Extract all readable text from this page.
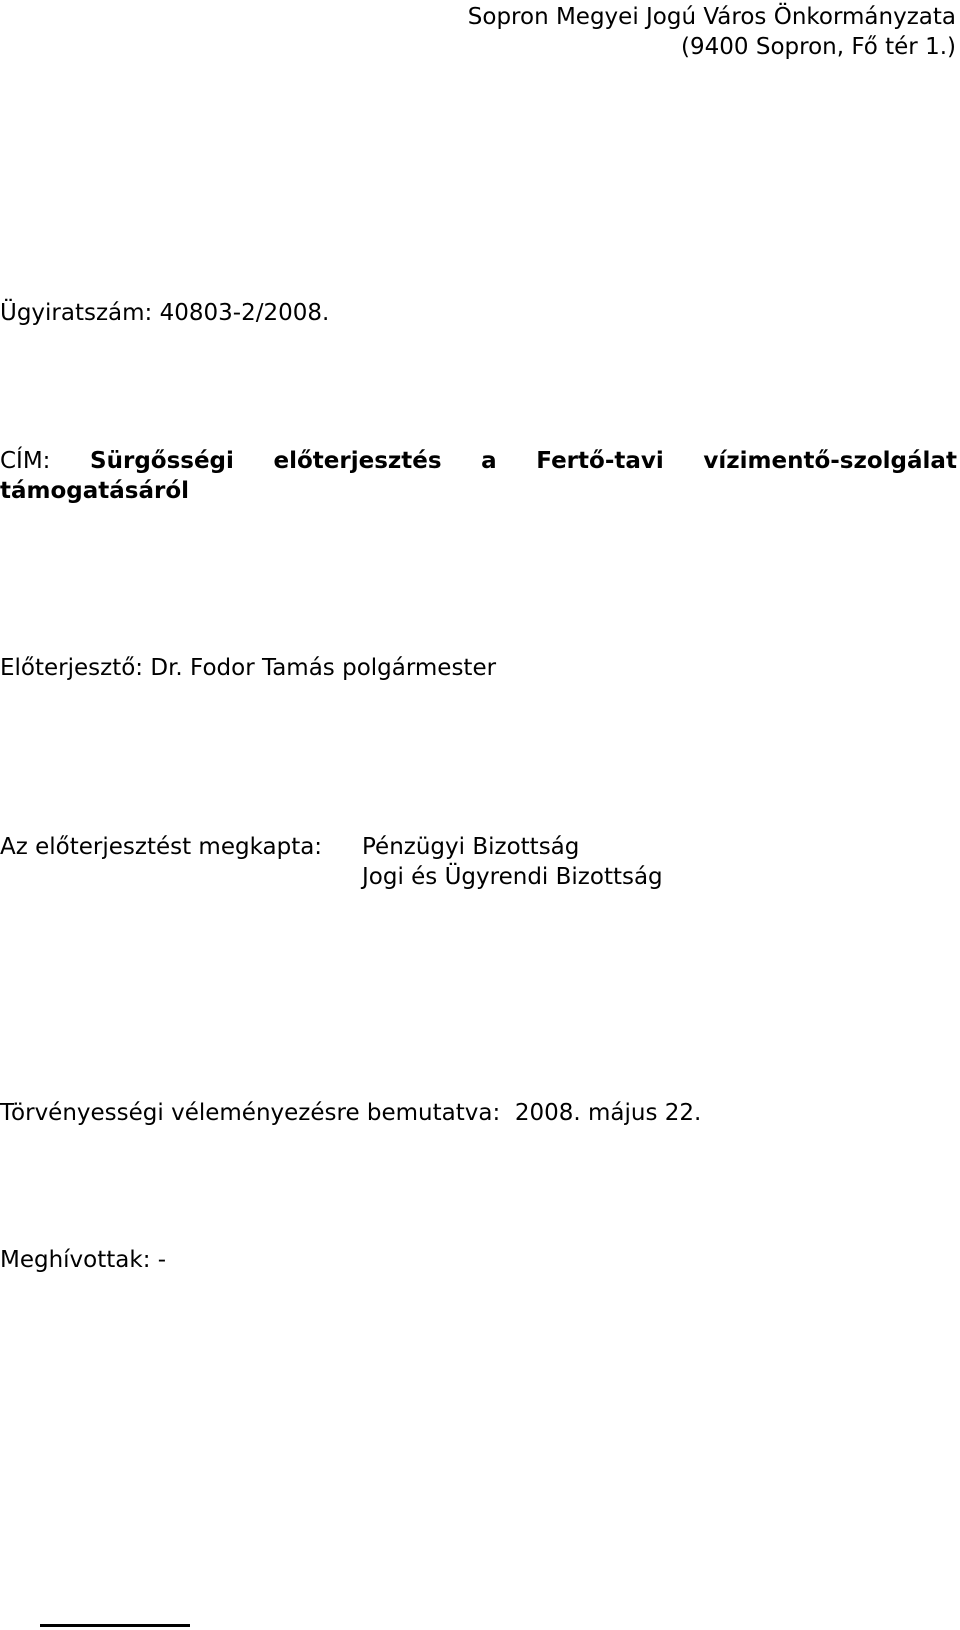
Sopron Megyei Jogú Város Önkormányzata
(9400 Sopron, Fő tér 1.)
Ügyiratszám: 40803-2/2008.
CÍM: Sürgősségi előterjesztés a Fertő-tavi vízimentő-szolgálat
támogatásáról
Előterjesztő: Dr. Fodor Tamás polgármester
Az előterjesztést megkapta:	Pénzügyi Bizottság
Jogi és Ügyrendi Bizottság
Törvényességi véleményezésre bemutatva:  2008. május 22.
Meghívottak: -
